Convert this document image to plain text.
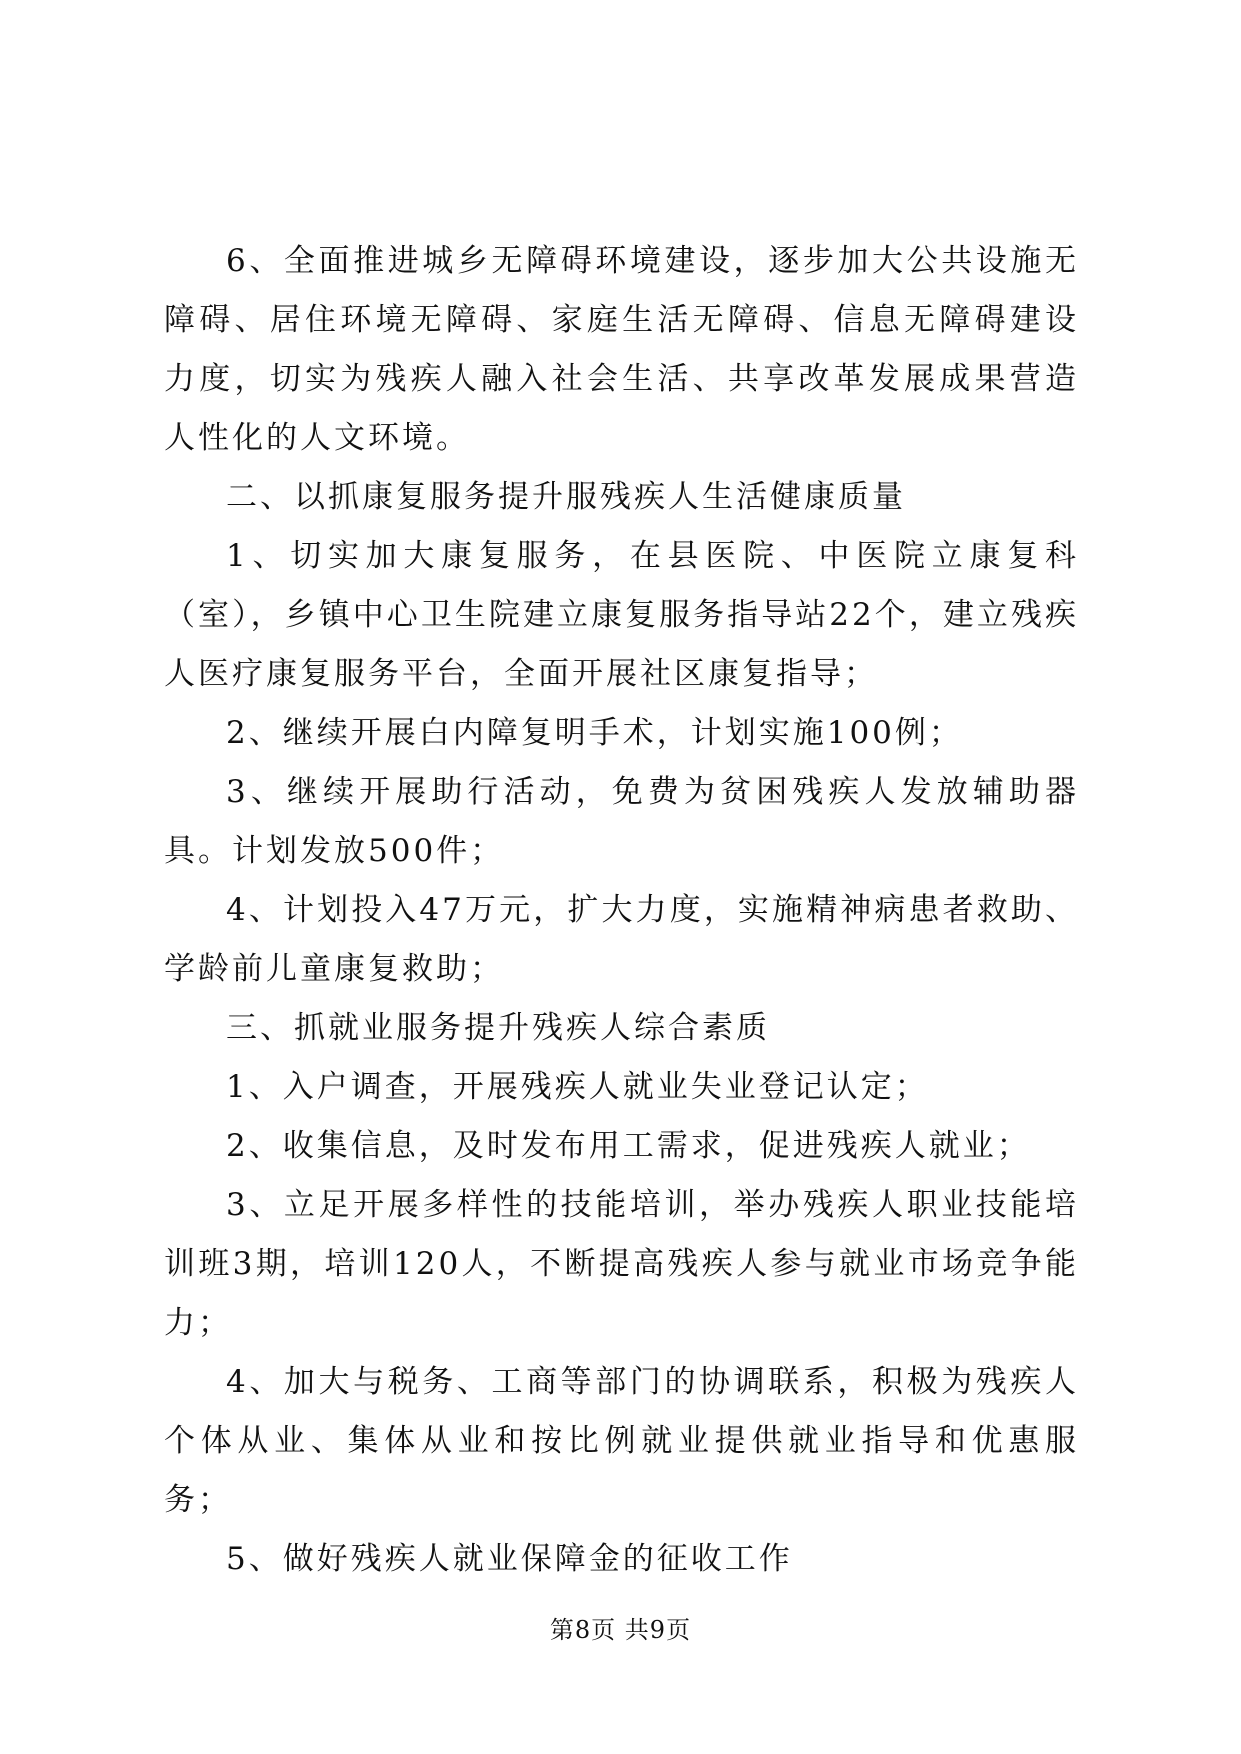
6、全面推进城乡无障碍环境建设，逐步加大公共设施无障碍、居住环境无障碍、家庭生活无障碍、信息无障碍建设力度，切实为残疾人融入社会生活、共享改革发展成果营造人性化的人文环境。

二、以抓康复服务提升服残疾人生活健康质量

1、切实加大康复服务，在县医院、中医院立康复科（室），乡镇中心卫生院建立康复服务指导站22个，建立残疾人医疗康复服务平台，全面开展社区康复指导；

2、继续开展白内障复明手术，计划实施100例；

3、继续开展助行活动，免费为贫困残疾人发放辅助器具。计划发放500件；

4、计划投入47万元，扩大力度，实施精神病患者救助、学龄前儿童康复救助；

三、抓就业服务提升残疾人综合素质

1、入户调查，开展残疾人就业失业登记认定；

2、收集信息，及时发布用工需求，促进残疾人就业；

3、立足开展多样性的技能培训，举办残疾人职业技能培训班3期，培训120人，不断提高残疾人参与就业市场竞争能力；

4、加大与税务、工商等部门的协调联系，积极为残疾人个体从业、集体从业和按比例就业提供就业指导和优惠服务；

5、做好残疾人就业保障金的征收工作

第8页 共9页
